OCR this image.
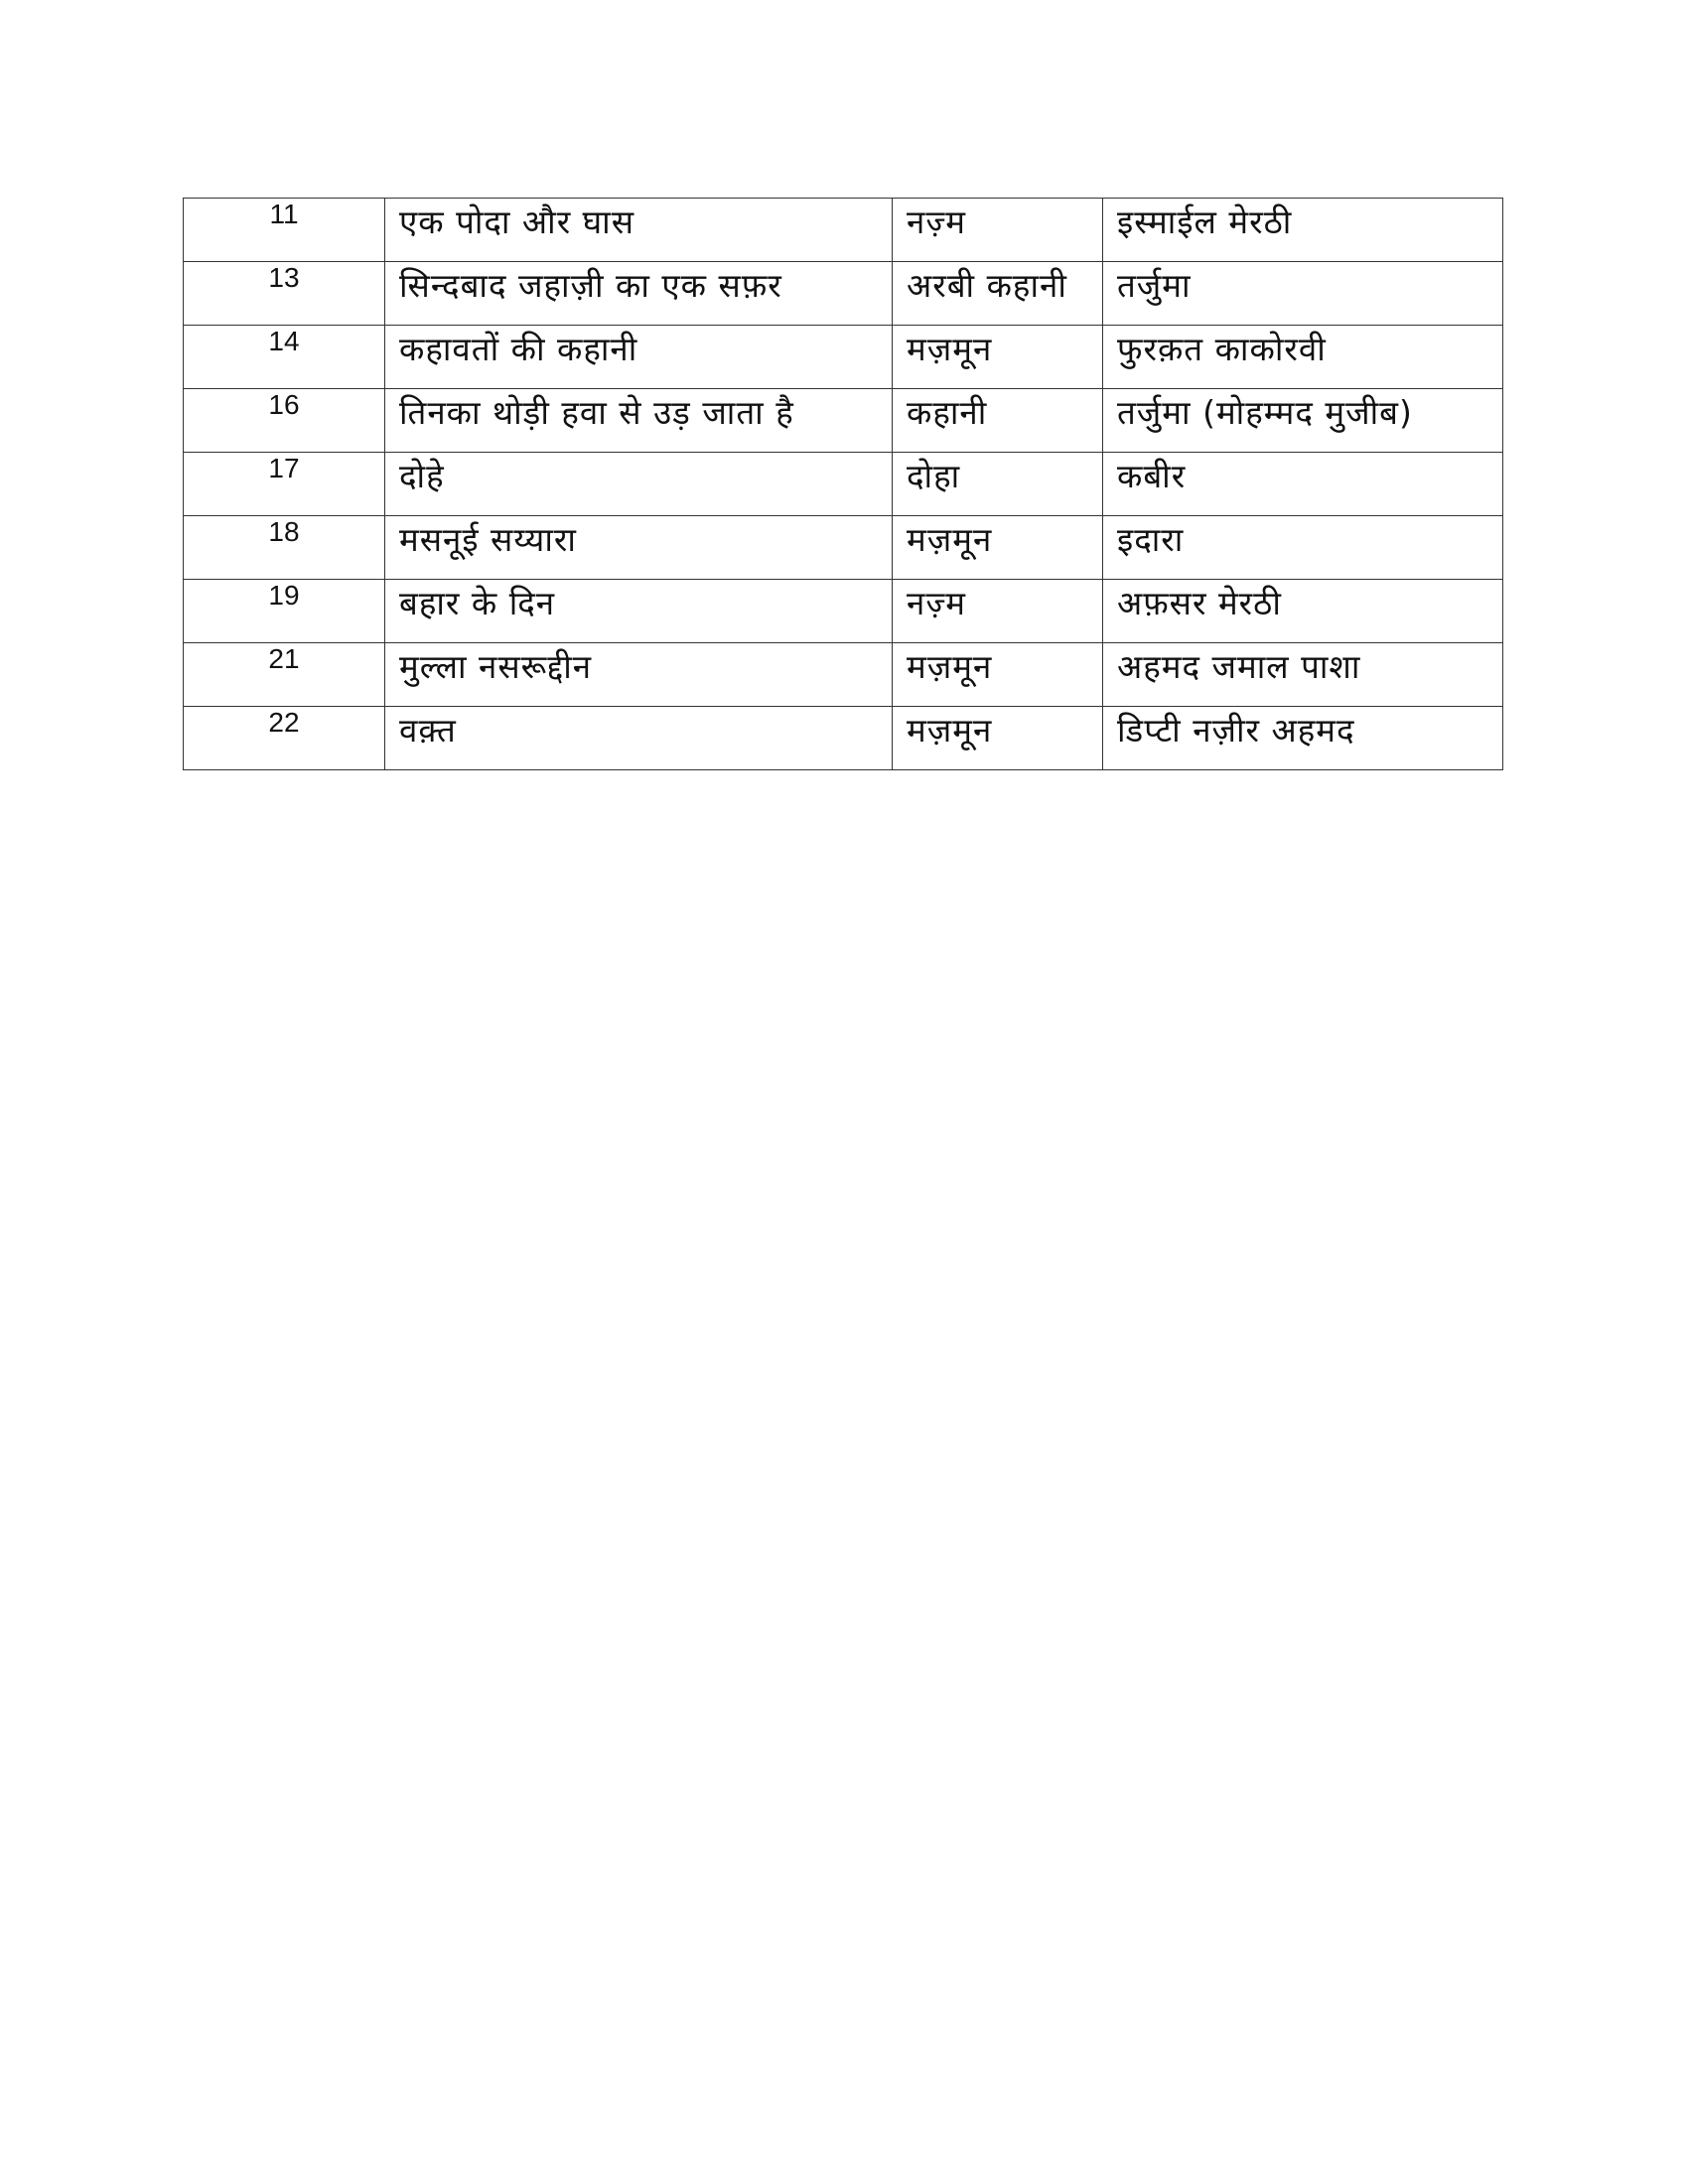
11	एक पोदा और घास	नज़्म	इस्माईल मेरठी
13	सिन्दबाद जहाज़ी का एक सफ़र	अरबी कहानी	तर्जुमा
14	कहावतों की कहानी	मज़मून	फुरक़त काकोरवी
16	तिनका थोड़ी हवा से उड़ जाता है	कहानी	तर्जुमा (मोहम्मद मुजीब)
17	दोहे	दोहा	कबीर
18	मसनूई सय्यारा	मज़मून	इदारा
19	बहार के दिन	नज़्म	अफ़सर मेरठी
21	मुल्ला नसरूद्दीन	मज़मून	अहमद जमाल पाशा
22	वक़्त	मज़मून	डिप्टी नज़ीर अहमद
